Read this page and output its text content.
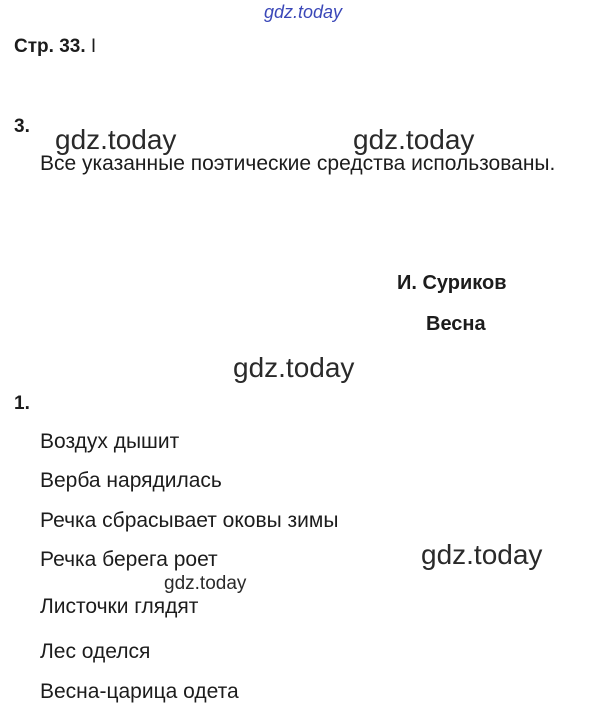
gdz.today
Стр. 33. I
3. gdz.today	gdz.today
Все указанные поэтические средства использованы.
И. Суриков
Весна
gdz.today
1.
Воздух дышит
Верба нарядилась
Речка сбрасывает оковы зимы
Речка берега роет
Листочки глядят
Лес оделся
Весна-царица одета
gdz.today
gdz.today
